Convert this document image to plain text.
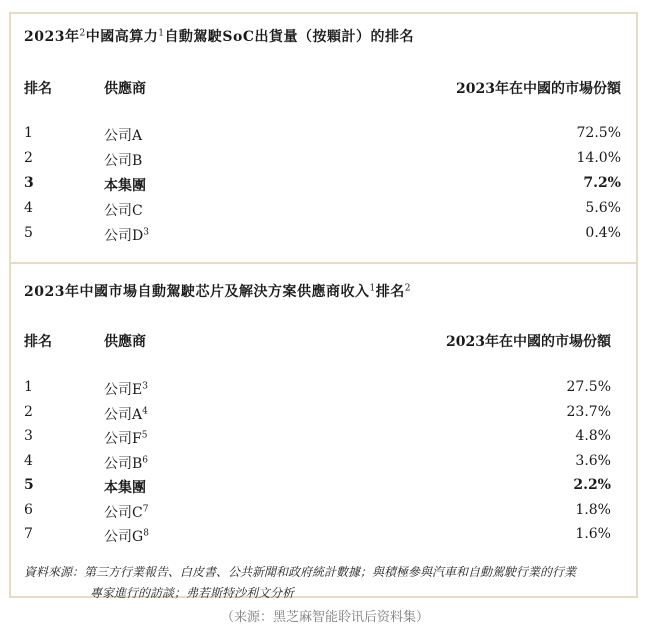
2023年$^2$中國高算力$^1$自動駕駛SoC出貨量（按顆計）的排名
排名	供應商	2023年在中國的市場份額
1	公司A	72.5%
2	公司B	14.0%
3	本集團	7.2%
4	公司C	5.6%
5	公司$D^3$	0.4%
2023年中國市場自動駕駛芯片及解決方案供應商收入$^1$排名$^2$
排名	供應商	2023年在中國的市場份額
1	公司$E^3$	27.5%
2	公司$A^4$	23.7%
3	公司$F^5$	4.8%
4	公司$B^6$	3.6%
5	本集團	2.2%
6	公司$C^7$	1.8%
7	公司$G^8$	1.6%
資料來源：第三方行業報告、白皮書、公共新聞和政府統計數據；與積極參與汽車和自動駕駛行業的行業
專家進行的訪談；弗若斯特沙利文分析
（来源：黑芝麻智能聆讯后资料集）
